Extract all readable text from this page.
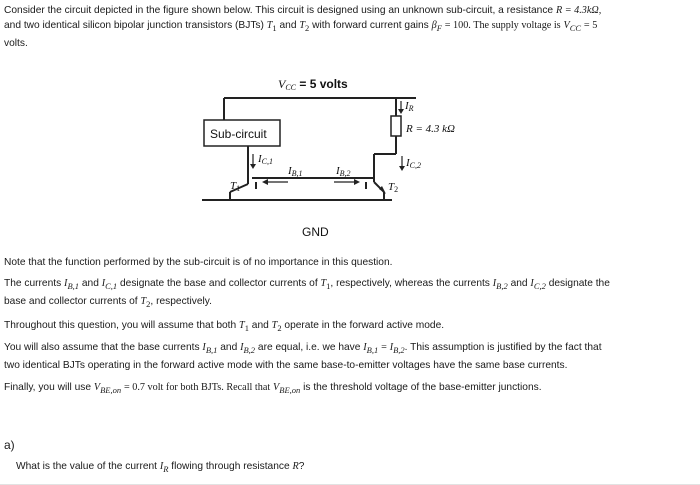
Consider the circuit depicted in the figure shown below. This circuit is designed using an unknown sub-circuit, a resistance R = 4.3kΩ,
and two identical silicon bipolar junction transistors (BJTs) $T_1$ and $T_2$ with forward current gains $\beta_F = 100$. The supply voltage is $V_{CC} = 5$
volts.
Sub-circuit	R = 4.3 kΩ
VCC = 5 volts
IR
IC,1	IC,2
IB,1	IB,2
T1	T2
GND
Note that the function performed by the sub-circuit is of no importance in this question.
The currents $I_{B,1}$ and $I_{C,1}$ designate the base and collector currents of $T_1$, respectively, whereas the currents $I_{B,2}$ and $I_{C,2}$ designate the
base and collector currents of $T_2$, respectively.
Throughout this question, you will assume that both $T_1$ and $T_2$ operate in the forward active mode.
You will also assume that the base currents $I_{B,1}$ and $I_{B,2}$ are equal, i.e. we have $I_{B,1} = I_{B,2}$. This assumption is justified by the fact that
two identical BJTs operating in the forward active mode with the same base-to-emitter voltages have the same base currents.
Finally, you will use $V_{BE,on} = 0.7$ volt for both BJTs. Recall that $V_{BE,on}$ is the threshold voltage of the base-emitter junctions.
a)
What is the value of the current $I_R$ flowing through resistance R?
